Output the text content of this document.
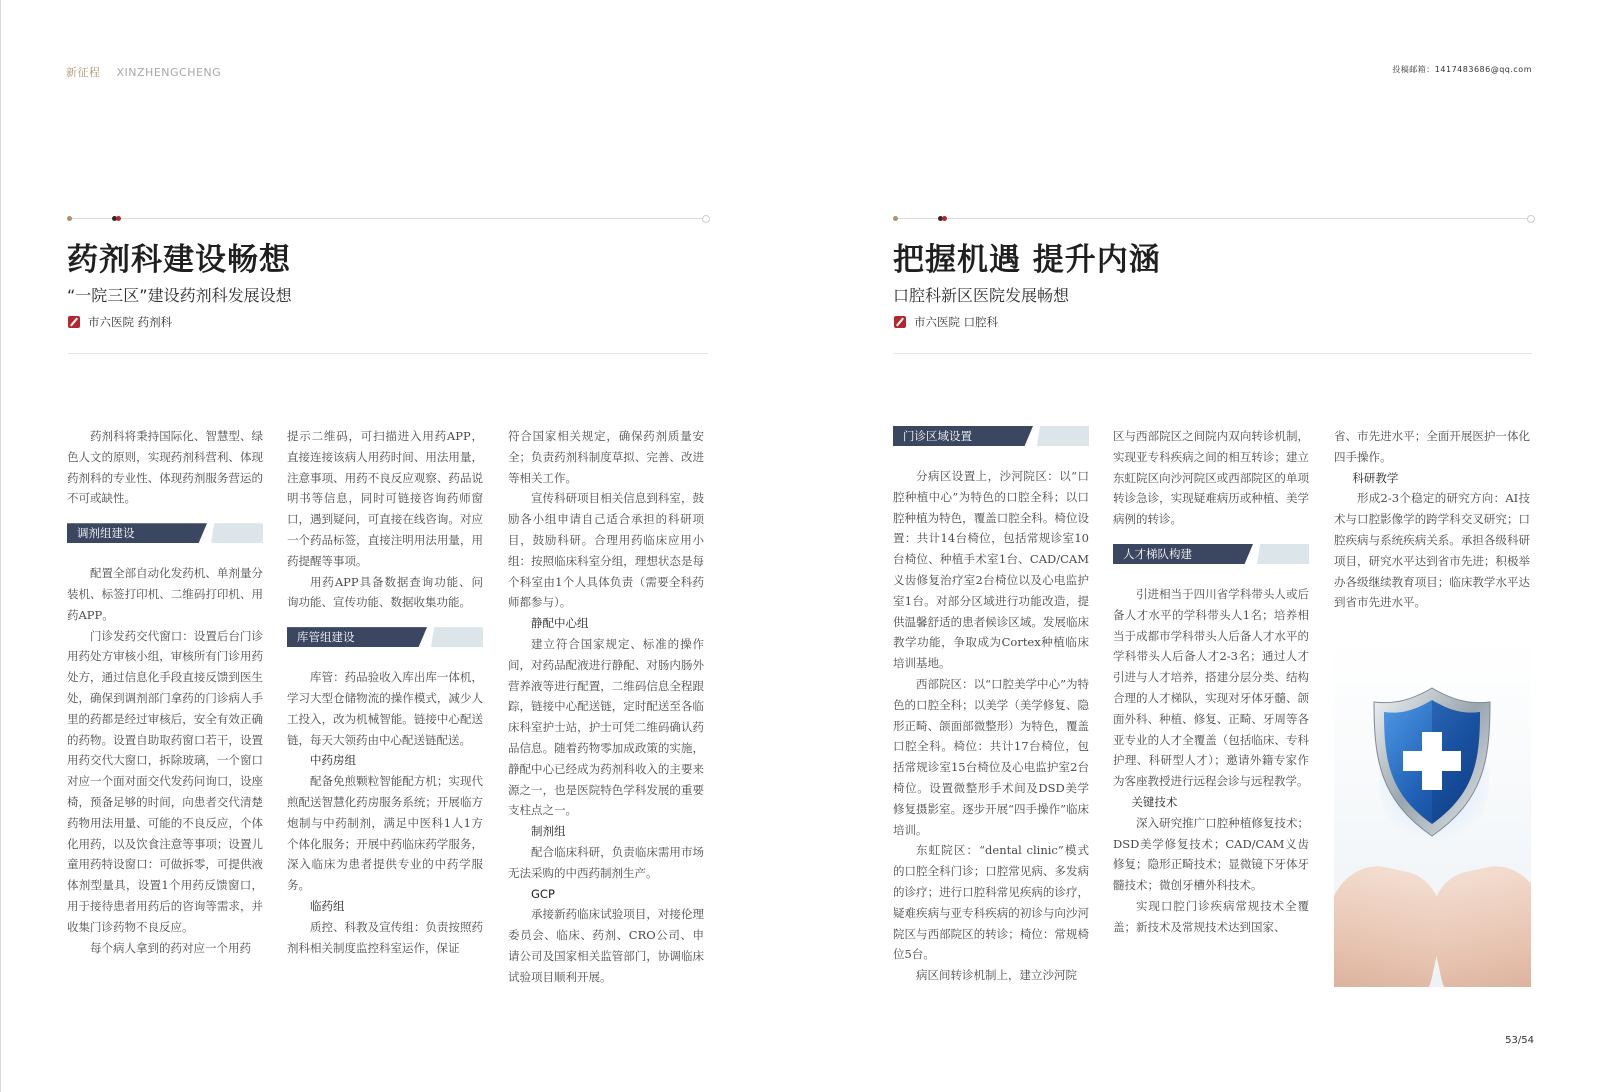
新征程 XINZHENGCHENG
药剂科建设畅想
“一院三区”建设药剂科发展设想
市六医院 药剂科

药剂科将秉持国际化、智慧型、绿色人文的原则，实现药剂科营利、体现药剂科的专业性、体现药剂服务营运的不可或缺性。

调剂组建设

配置全部自动化发药机、单剂量分装机、标签打印机、二维码打印机、用药APP。

门诊发药交代窗口：设置后台门诊用药处方审核小组，审核所有门诊用药处方，通过信息化手段直接反馈到医生处，确保到调剂部门拿药的门诊病人手里的药都是经过审核后，安全有效正确的药物。设置自助取药窗口若干，设置用药交代大窗口，拆除玻璃，一个窗口对应一个面对面交代发药问询口，设座椅，预备足够的时间，向患者交代清楚药物用法用量、可能的不良反应，个体化用药，以及饮食注意等事项；设置儿童用药特设窗口：可做拆零，可提供液体剂型量具，设置1个用药反馈窗口，用于接待患者用药后的咨询等需求，并收集门诊药物不良反应。

每个病人拿到的药对应一个用药

提示二维码，可扫描进入用药APP，直接连接该病人用药时间、用法用量，注意事项、用药不良反应观察、药品说明书等信息，同时可链接咨询药师窗口，遇到疑问，可直接在线咨询。对应一个药品标签，直接注明用法用量，用药提醒等事项。

用药APP具备数据查询功能、问询功能、宣传功能、数据收集功能。

库管组建设

库管：药品验收入库出库一体机，学习大型仓储物流的操作模式，减少人工投入，改为机械智能。链接中心配送链，每天大领药由中心配送链配送。

中药房组

配备免煎颗粒智能配方机；实现代煎配送智慧化药房服务系统；开展临方炮制与中药制剂，满足中医科1人1方个体化服务；开展中药临床药学服务，深入临床为患者提供专业的中药学服务。

临药组

质控、科教及宣传组：负责按照药剂科相关制度监控科室运作，保证

符合国家相关规定，确保药剂质量安全；负责药剂科制度草拟、完善、改进等相关工作。

宣传科研项目相关信息到科室，鼓励各小组申请自己适合承担的科研项目，鼓励科研。合理用药临床应用小组：按照临床科室分组，理想状态是每个科室由1个人具体负责（需要全科药师都参与）。

静配中心组

建立符合国家规定、标准的操作间，对药品配液进行静配、对肠内肠外营养液等进行配置，二维码信息全程跟踪，链接中心配送链，定时配送至各临床科室护士站，护士可凭二维码确认药品信息。随着药物零加成政策的实施，静配中心已经成为药剂科收入的主要来源之一，也是医院特色学科发展的重要支柱点之一。

制剂组

配合临床科研，负责临床需用市场无法采购的中西药制剂生产。

GCP

承接新药临床试验项目，对接伦理委员会、临床、药剂、CRO公司、申请公司及国家相关监管部门，协调临床试验项目顺利开展。

投稿邮箱：1417483686@qq.com
把握机遇 提升内涵
口腔科新区医院发展畅想
市六医院 口腔科
门诊区域设置

分病区设置上，沙河院区：以“口腔种植中心”为特色的口腔全科；以口腔种植为特色，覆盖口腔全科。椅位设置：共计14台椅位，包括常规诊室10台椅位、种植手术室1台、CAD/CAM义齿修复治疗室2台椅位以及心电监护室1台。对部分区域进行功能改造，提供温馨舒适的患者候诊区域。发展临床教学功能，争取成为Cortex种植临床培训基地。

西部院区：以“口腔美学中心”为特色的口腔全科；以美学（美学修复、隐形正畸、颌面部微整形）为特色，覆盖口腔全科。椅位：共计17台椅位，包括常规诊室15台椅位及心电监护室2台椅位。设置微整形手术间及DSD美学修复摄影室。逐步开展“四手操作”临床培训。

东虹院区：“dental clinic”模式的口腔全科门诊；口腔常见病、多发病的诊疗；进行口腔科常见疾病的诊疗，疑难疾病与亚专科疾病的初诊与向沙河院区与西部院区的转诊；椅位：常规椅位5台。

病区间转诊机制上，建立沙河院

区与西部院区之间院内双向转诊机制，实现亚专科疾病之间的相互转诊；建立东虹院区向沙河院区或西部院区的单项转诊急诊，实现疑难病历或种植、美学病例的转诊。

人才梯队构建

引进相当于四川省学科带头人或后备人才水平的学科带头人1名；培养相当于成都市学科带头人后备人才水平的学科带头人后备人才2-3名；通过人才引进与人才培养，搭建分层分类、结构合理的人才梯队，实现对牙体牙髓、颌面外科、种植、修复、正畸、牙周等各亚专业的人才全覆盖（包括临床、专科护理、科研型人才）；邀请外籍专家作为客座教授进行远程会诊与远程教学。

关键技术

深入研究推广口腔种植修复技术；DSD美学修复技术；CAD/CAM义齿修复；隐形正畸技术；显微镜下牙体牙髓技术；微创牙槽外科技术。

实现口腔门诊疾病常规技术全覆盖；新技术及常规技术达到国家、

省、市先进水平；全面开展医护一体化四手操作。

科研教学

形成2-3个稳定的研究方向：AI技术与口腔影像学的跨学科交叉研究；口腔疾病与系统疾病关系。承担各级科研项目，研究水平达到省市先进；积极举办各级继续教育项目；临床教学水平达到省市先进水平。

53/54
